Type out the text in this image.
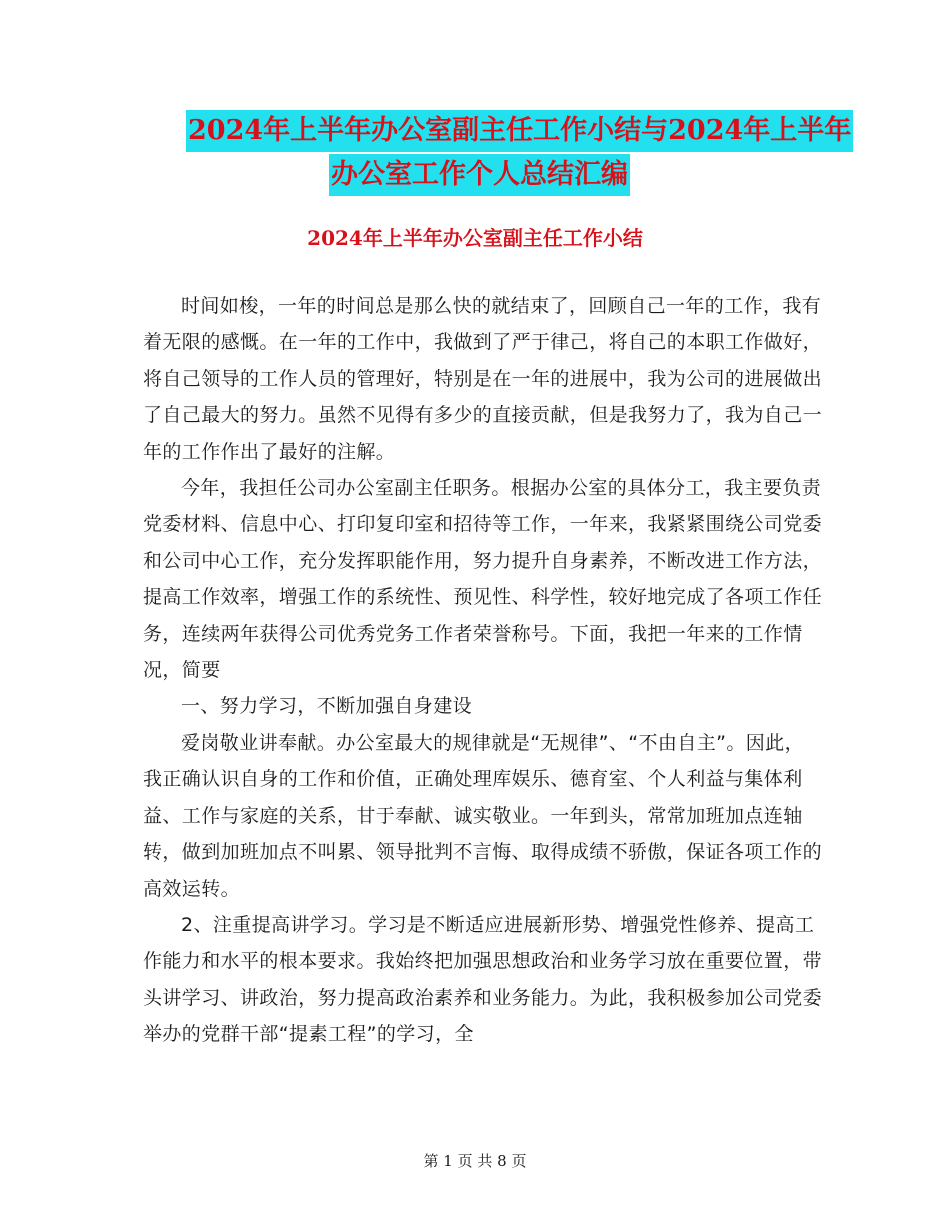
2024年上半年办公室副主任工作小结与2024年上半年
办公室工作个人总结汇编
2024年上半年办公室副主任工作小结

时间如梭，一年的时间总是那么快的就结束了，回顾自己一年的工作，我有着无限的感慨。在一年的工作中，我做到了严于律己，将自己的本职工作做好，将自己领导的工作人员的管理好，特别是在一年的进展中，我为公司的进展做出了自己最大的努力。虽然不见得有多少的直接贡献，但是我努力了，我为自己一年的工作作出了最好的注解。

今年，我担任公司办公室副主任职务。根据办公室的具体分工，我主要负责党委材料、信息中心、打印复印室和招待等工作，一年来，我紧紧围绕公司党委和公司中心工作，充分发挥职能作用，努力提升自身素养，不断改进工作方法，提高工作效率，增强工作的系统性、预见性、科学性，较好地完成了各项工作任务，连续两年获得公司优秀党务工作者荣誉称号。下面，我把一年来的工作情况，简要

一、努力学习，不断加强自身建设

爱岗敬业讲奉献。办公室最大的规律就是“无规律”、“不由自主”。因此，我正确认识自身的工作和价值，正确处理库娱乐、德育室、个人利益与集体利益、工作与家庭的关系，甘于奉献、诚实敬业。一年到头，常常加班加点连轴转，做到加班加点不叫累、领导批判不言悔、取得成绩不骄傲，保证各项工作的高效运转。

2、注重提高讲学习。学习是不断适应进展新形势、增强党性修养、提高工作能力和水平的根本要求。我始终把加强思想政治和业务学习放在重要位置，带头讲学习、讲政治，努力提高政治素养和业务能力。为此，我积极参加公司党委举办的党群干部“提素工程”的学习，全

第 1 页 共 8 页
